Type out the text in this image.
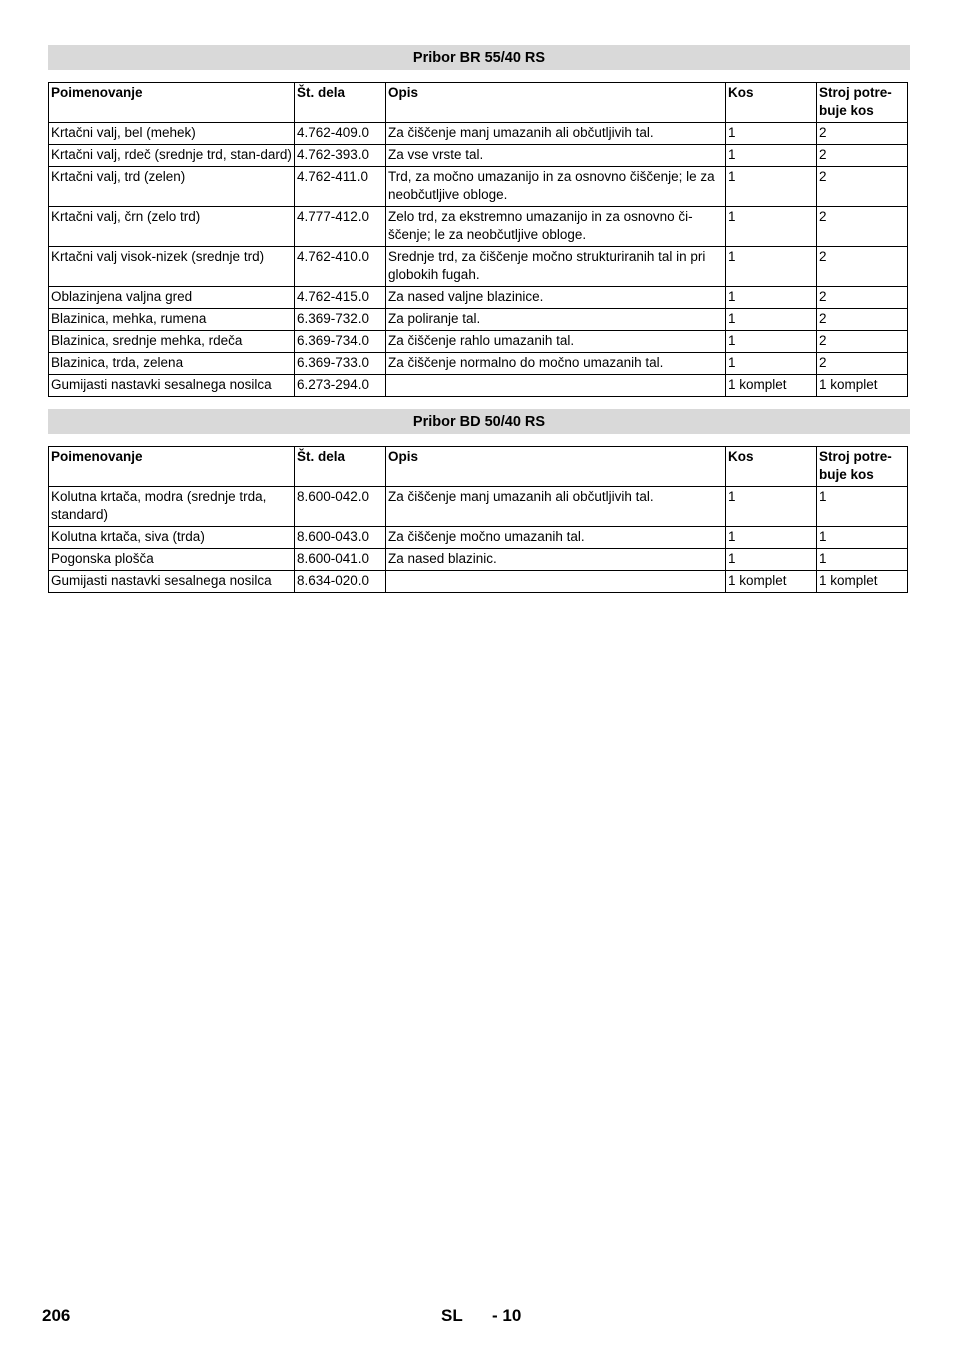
Pribor BR 55/40 RS
Poimenovanje	Št. dela	Opis	Kos	Stroj potre-buje kos
Krtačni valj, bel (mehek)	4.762-409.0	Za čiščenje manj umazanih ali občutljivih tal.	1	2
Krtačni valj, rdeč (srednje trd, stan-dard)	4.762-393.0	Za vse vrste tal.	1	2
Krtačni valj, trd (zelen)	4.762-411.0	Trd, za močno umazanijo in za osnovno čiščenje; le za neobčutljive obloge.	1	2
Krtačni valj, črn (zelo trd)	4.777-412.0	Zelo trd, za ekstremno umazanijo in za osnovno či-ščenje; le za neobčutljive obloge.	1	2
Krtačni valj visok-nizek (srednje trd)	4.762-410.0	Srednje trd, za čiščenje močno strukturiranih tal in pri globokih fugah.	1	2
Oblazinjena valjna gred	4.762-415.0	Za nased valjne blazinice.	1	2
Blazinica, mehka, rumena	6.369-732.0	Za poliranje tal.	1	2
Blazinica, srednje mehka, rdeča	6.369-734.0	Za čiščenje rahlo umazanih tal.	1	2
Blazinica, trda, zelena	6.369-733.0	Za čiščenje normalno do močno umazanih tal.	1	2
Gumijasti nastavki sesalnega nosilca	6.273-294.0		1 komplet	1 komplet
Pribor BD 50/40 RS
Poimenovanje	Št. dela	Opis	Kos	Stroj potre-buje kos
Kolutna krtača, modra (srednje trda, standard)	8.600-042.0	Za čiščenje manj umazanih ali občutljivih tal.	1	1
Kolutna krtača, siva (trda)	8.600-043.0	Za čiščenje močno umazanih tal.	1	1
Pogonska plošča	8.600-041.0	Za nased blazinic.	1	1
Gumijasti nastavki sesalnega nosilca	8.634-020.0		1 komplet	1 komplet
206	SL - 10
